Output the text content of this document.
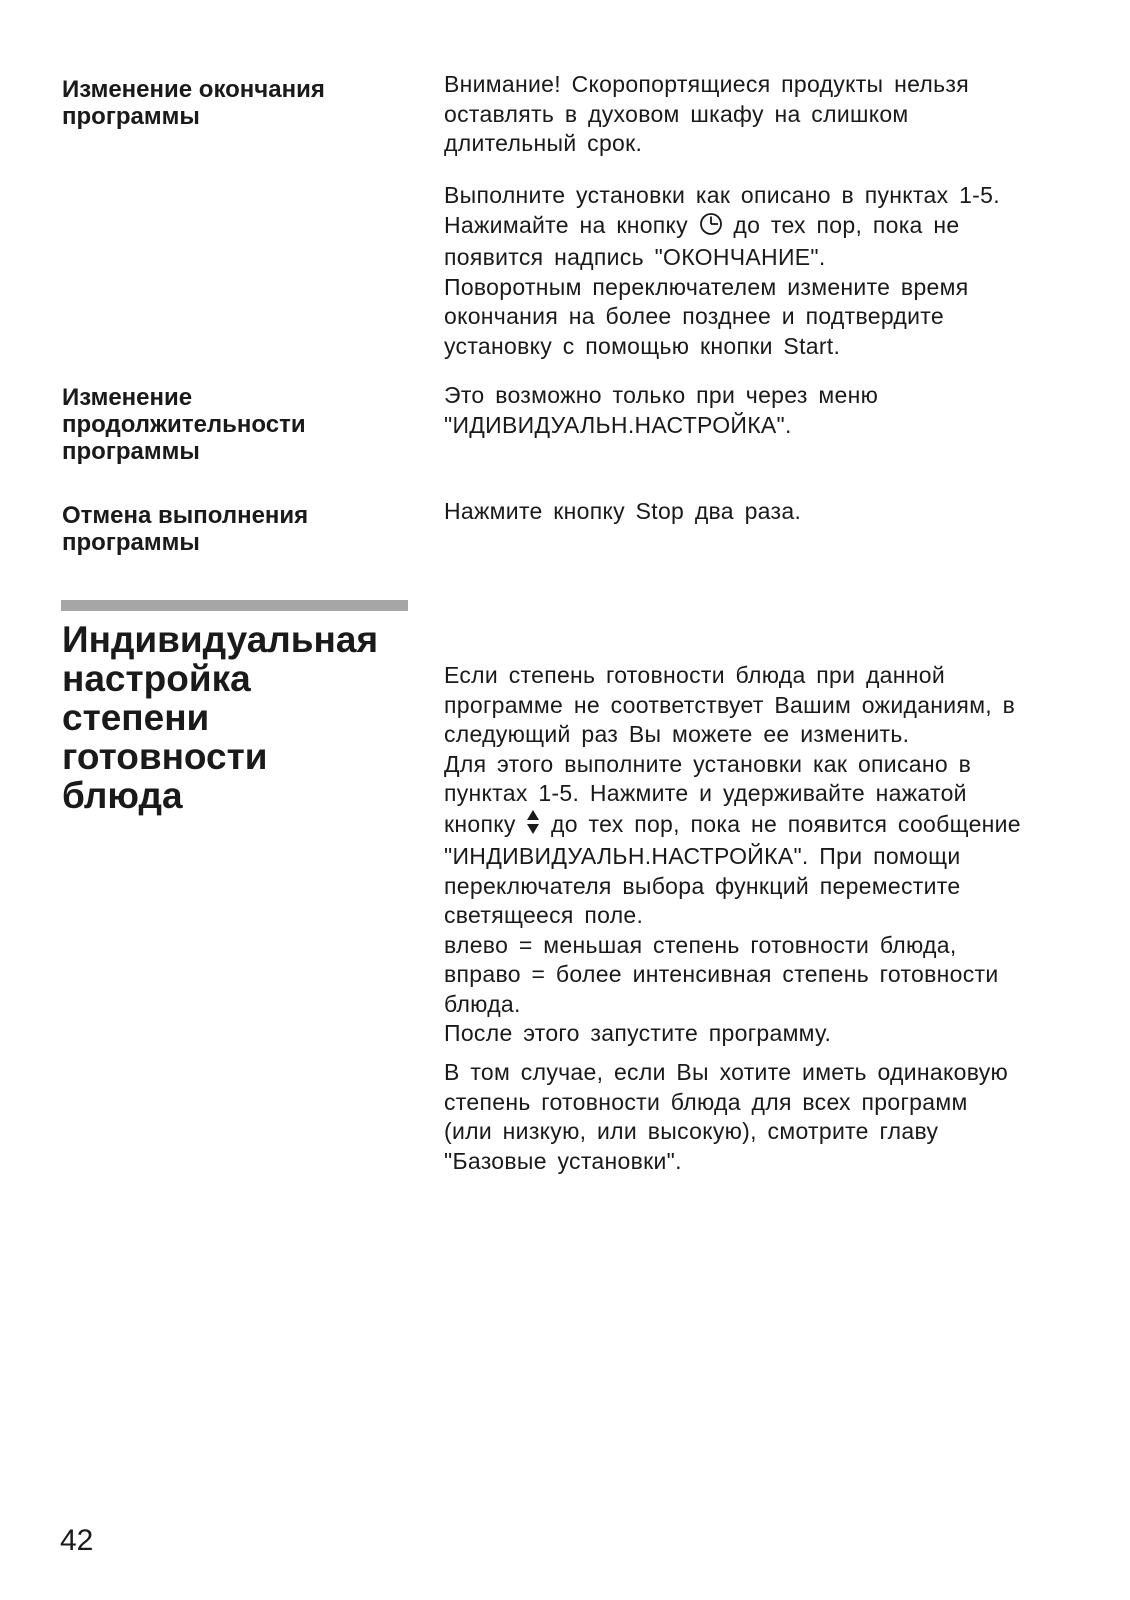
Изменение окончания
программы
Внимание! Скоропортящиеся продукты нельзя
оставлять в духовом шкафу на слишком
длительный срок.
Выполните установки как описано в пунктах 1-5.
Нажимайте на кнопку до тех пор, пока не
появится надпись "ОКОНЧАНИЕ".
Поворотным переключателем измените время
окончания на более позднее и подтвердите
установку с помощью кнопки Start.
Изменение
продолжительности
программы
Это возможно только при через меню
"ИДИВИДУАЛЬН.НАСТРОЙКА".
Отмена выполнения
программы
Нажмите кнопку Stop два раза.
Индивидуальная
настройка
степени
готовности
блюда
Если степень готовности блюда при данной
программе не соответствует Вашим ожиданиям, в
следующий раз Вы можете ее изменить.
Для этого выполните установки как описано в
пунктах 1-5. Нажмите и удерживайте нажатой
кнопку до тех пор, пока не появится сообщение
"ИНДИВИДУАЛЬН.НАСТРОЙКА". При помощи
переключателя выбора функций переместите
светящееся поле.
влево = меньшая степень готовности блюда,
вправо = более интенсивная степень готовности
блюда.
После этого запустите программу.
В том случае, если Вы хотите иметь одинаковую
степень готовности блюда для всех программ
(или низкую, или высокую), смотрите главу
"Базовые установки".
42
